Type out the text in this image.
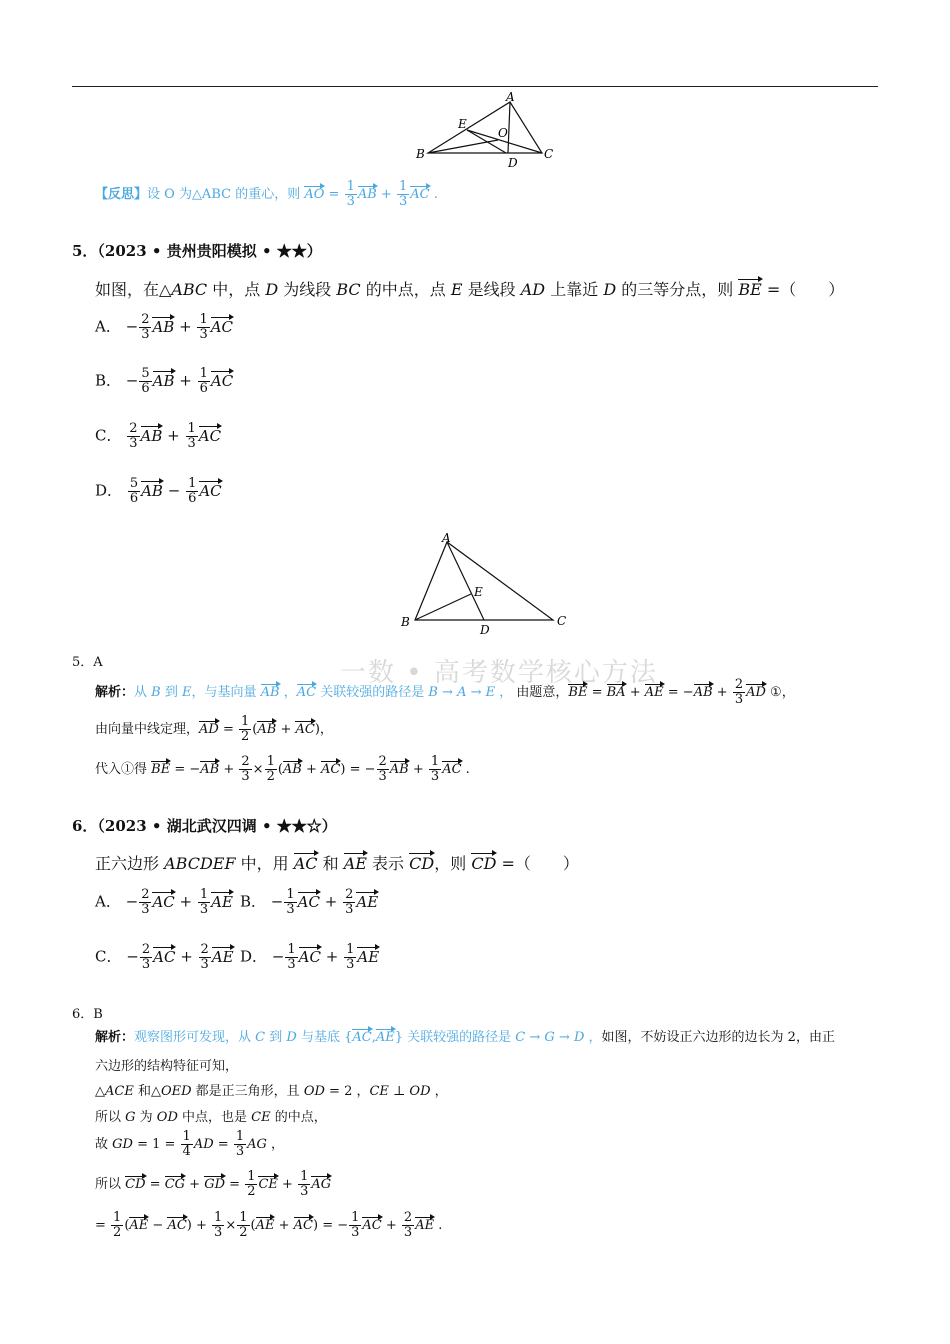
A
E
O
B
D
C
【反思】设 O 为△ABC 的重心，则 AO = $\frac{1}{3}$ AB + $\frac{1}{3}$ AC .
5．（2023 • 贵州贵阳模拟 • ★★）
如图，在△ABC 中，点 D 为线段 BC 的中点，点 E 是线段 AD 上靠近 D 的三等分点，则 BE =（　　）
A． − $\frac{2}{3}$ AB + $\frac{1}{3}$ AC
B． − $\frac{5}{6}$ AB + $\frac{1}{6}$ AC
C． $\frac{2}{3}$ AB + $\frac{1}{3}$ AC
D． $\frac{5}{6}$ AB − $\frac{1}{6}$ AC
A
E
B
D
C
5．A	一数 • 高考数学核心方法
解析：从 B 到 E，与基向量 AB ，AC 关联较强的路径是 B → A → E ， 由题意，BE = BA + AE = $-AB + \frac{2}{3}$ AD ①，
由向量中线定理，AD = $\frac{1}{2} (AB + AC)$，
代入①得 BE = $-AB + \frac{2}{3} \times \frac{1}{2} (AB + AC)$ = − $\frac{2}{3}$ AB + $\frac{1}{3}$ AC .
6．（2023 • 湖北武汉四调 • ★★☆）
正六边形 ABCDEF 中，用 AC 和 AE 表示 CD，则 CD =（　　）
A． − $\frac{2}{3}$ AC + $\frac{1}{3}$ AE B． − $\frac{1}{3}$ AC + $\frac{2}{3}$ AE
C． − $\frac{2}{3}$ AC + $\frac{2}{3}$ AE D． − $\frac{1}{3}$ AC + $\frac{1}{3}$ AE
6．B
解析：观察图形可发现，从 C 到 D 与基底 {AC,AE} 关联较强的路径是 C → G → D ，如图，不妨设正六边形的边长为 2，由正
六边形的结构特征可知，
△ACE 和△OED 都是正三角形，且 OD = 2 ，CE ⊥ OD ，
所以 G 为 OD 中点，也是 CE 的中点，
故 GD = $1 = \frac{1}{4}$ AD = $\frac{1}{3}$ AG ，
所以 CD = CG + GD = $\frac{1}{2}$ CE + $\frac{1}{3}$ AG
= $\frac{1}{2} (AE - AC) + \frac{1}{3} \times \frac{1}{2} (AE + AC)$ = − $\frac{1}{3}$ AC + $\frac{2}{3}$ AE .
